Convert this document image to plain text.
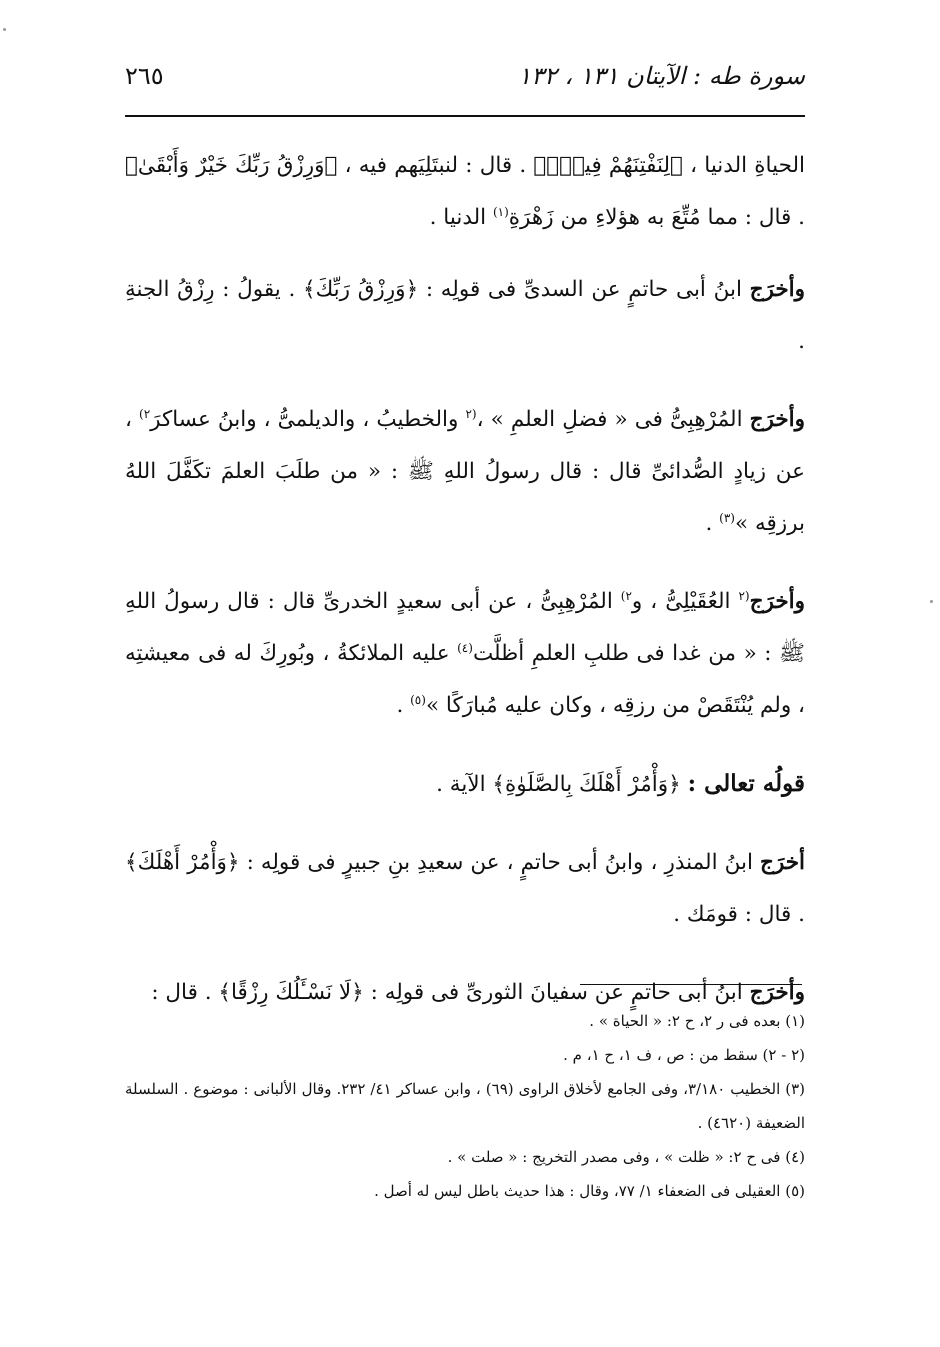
سورة طه : الآيتان ١٣١ ، ١٣٢
٢٦٥

الحياةِ الدنيا ، ﴿لِنَفْتِنَهُمْ فِيهِۚ﴾ . قال : لنبتَلِيَهم فيه ، ﴿وَرِزْقُ رَبِّكَ خَيْرٌ وَأَبْقَىٰ﴾ . قال : مما مُتِّعَ به هؤلاءِ من زَهْرَةِ$^{(١)}$ الدنيا .

وأخرَج ابنُ أبى حاتمٍ عن السدىِّ فى قولِه : ﴿وَرِزْقُ رَبِّكَ﴾ . يقولُ : رِزْقُ الجنةِ .

وأخرَج المُرْهِبِىُّ فى « فضلِ العلمِ » ،$^{(٢}$ والخطيبُ ، والديلمىُّ ، وابنُ عساكرَ$^{٢)}$ ، عن زيادٍ الصُّدائىِّ قال : قال رسولُ اللهِ ﷺ : « من طلَبَ العلمَ تكَفَّلَ اللهُ برزقِه »$^{(٣)}$ .

وأخرَج$^{(٢}$ العُقَيْلِىُّ ، و$^{٢)}$ المُرْهِبِىُّ ، عن أبى سعيدٍ الخدرىِّ قال : قال رسولُ اللهِ ﷺ : « من غدا فى طلبِ العلمِ أظلَّت$^{(٤)}$ عليه الملائكةُ ، وبُورِكَ له فى معيشتِه ، ولم يُنْتَقَصْ من رزقِه ، وكان عليه مُبارَكًا »$^{(٥)}$ .

قولُه تعالى : ﴿وَأْمُرْ أَهْلَكَ بِالصَّلَوٰةِ﴾ الآية .

أخرَج ابنُ المنذرِ ، وابنُ أبى حاتمٍ ، عن سعيدِ بنِ جبيرٍ فى قولِه : ﴿وَأْمُرْ أَهْلَكَ﴾ . قال : قومَك .

وأخرَج ابنُ أبى حاتمٍ عن سفيانَ الثورىِّ فى قولِه : ﴿لَا نَسْـَٔلُكَ رِزْقًا﴾ . قال :

(١) بعده فى ر ٢، ح ٢: « الحياة » .
(٢ - ٢) سقط من : ص ، ف ١، ح ١، م .
(٣) الخطيب ٣/١٨٠، وفى الجامع لأخلاق الراوى (٦٩) ، وابن عساكر ٤١/ ٢٣٢. وقال الألبانى : موضوع . السلسلة الضعيفة (٤٦٢٠) .
(٤) فى ح ٢: « ظلت » ، وفى مصدر التخريج : « صلت » .
(٥) العقيلى فى الضعفاء ١/ ٧٧، وقال : هذا حديث باطل ليس له أصل .
